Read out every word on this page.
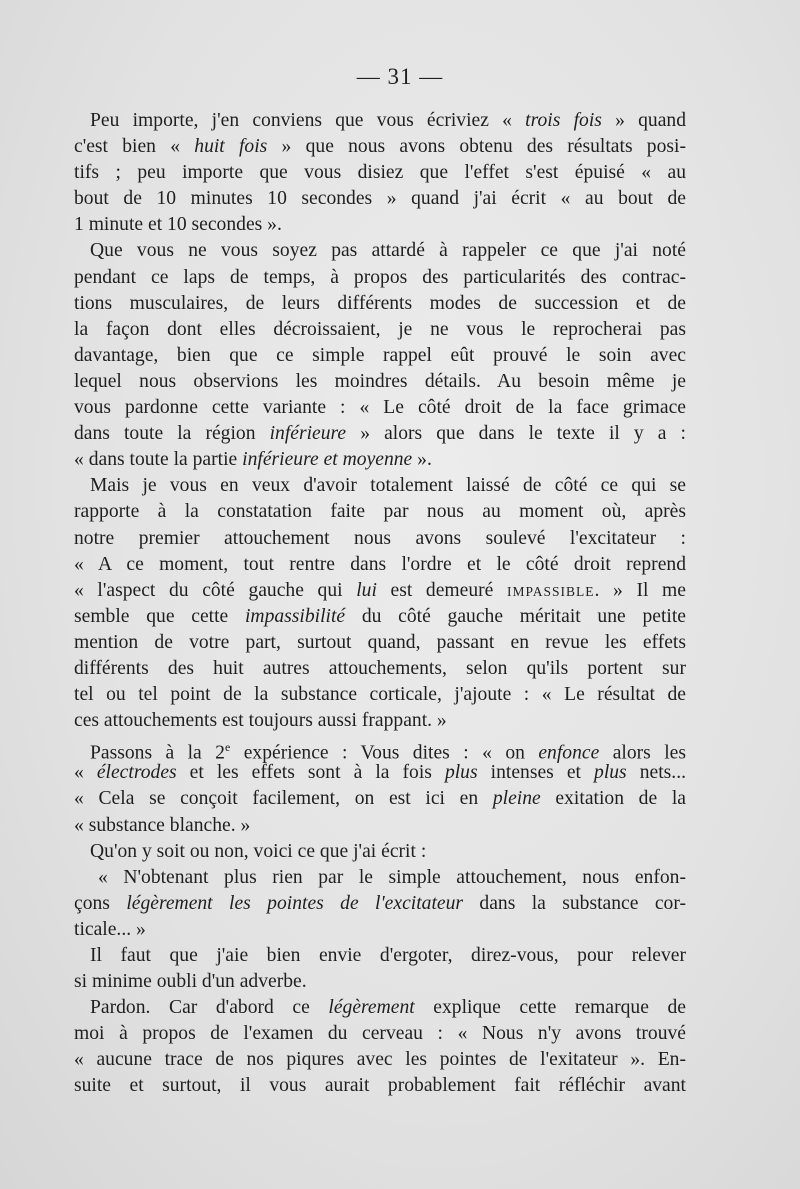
— 31 —
Peu importe, j'en conviens que vous écriviez « trois fois » quand
c'est bien « huit fois » que nous avons obtenu des résultats posi-
tifs ; peu importe que vous disiez que l'effet s'est épuisé « au
bout de 10 minutes 10 secondes » quand j'ai écrit « au bout de
1 minute et 10 secondes ».
Que vous ne vous soyez pas attardé à rappeler ce que j'ai noté
pendant ce laps de temps, à propos des particularités des contrac-
tions musculaires, de leurs différents modes de succession et de
la façon dont elles décroissaient, je ne vous le reprocherai pas
davantage, bien que ce simple rappel eût prouvé le soin avec
lequel nous observions les moindres détails. Au besoin même je
vous pardonne cette variante : « Le côté droit de la face grimace
dans toute la région inférieure » alors que dans le texte il y a :
« dans toute la partie inférieure et moyenne ».
Mais je vous en veux d'avoir totalement laissé de côté ce qui se
rapporte à la constatation faite par nous au moment où, après
notre premier attouchement nous avons soulevé l'excitateur :
« A ce moment, tout rentre dans l'ordre et le côté droit reprend
« l'aspect du côté gauche qui lui est demeuré IMPASSIBLE. » Il me
semble que cette impassibilité du côté gauche méritait une petite
mention de votre part, surtout quand, passant en revue les effets
différents des huit autres attouchements, selon qu'ils portent sur
tel ou tel point de la substance corticale, j'ajoute : « Le résultat de
ces attouchements est toujours aussi frappant. »
Passons à la 2e expérience : Vous dites : « on enfonce alors les
« électrodes et les effets sont à la fois plus intenses et plus nets...
« Cela se conçoit facilement, on est ici en pleine exitation de la
« substance blanche. »
Qu'on y soit ou non, voici ce que j'ai écrit :
« N'obtenant plus rien par le simple attouchement, nous enfon-
çons légèrement les pointes de l'excitateur dans la substance cor-
ticale... »
Il faut que j'aie bien envie d'ergoter, direz-vous, pour relever
si minime oubli d'un adverbe.
Pardon. Car d'abord ce légèrement explique cette remarque de
moi à propos de l'examen du cerveau : « Nous n'y avons trouvé
« aucune trace de nos piqures avec les pointes de l'exitateur ». En-
suite et surtout, il vous aurait probablement fait réfléchir avant
